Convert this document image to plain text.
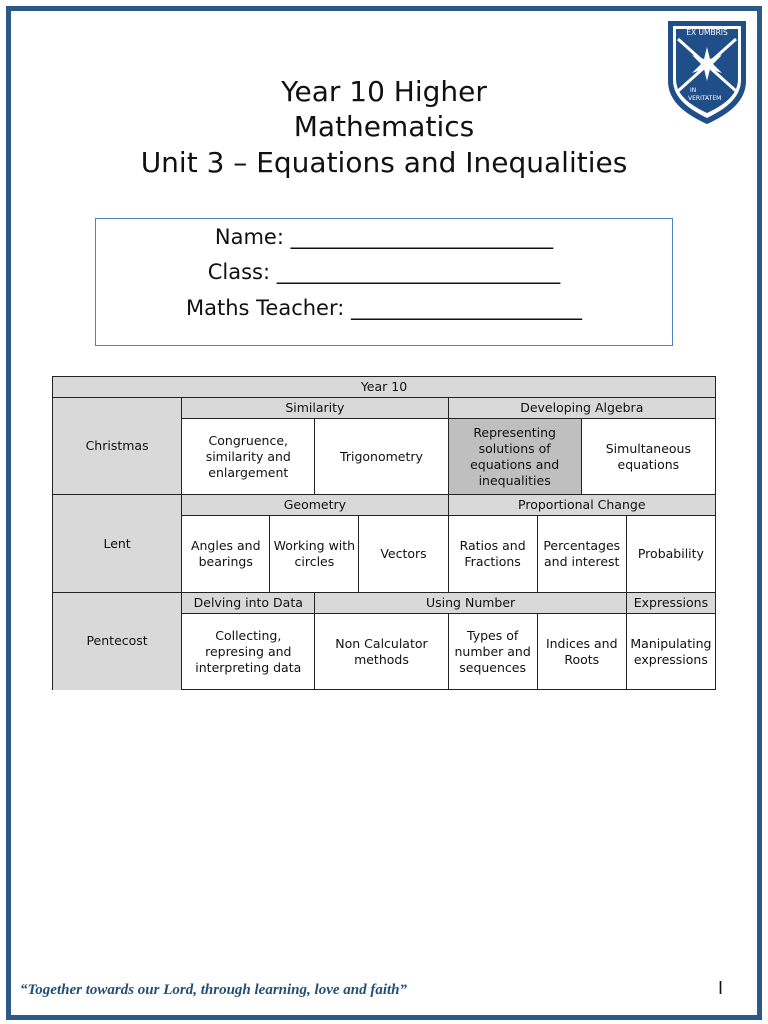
Year 10 Higher
Mathematics
Unit 3 – Equations and Inequalities
EX UMBRIS
IN
VERITATEM
Name: _________________________
Class: ___________________________
Maths Teacher: ______________________
Year 10								
Christmas	Similarity				Developing Algebra			
	Congruence, similarity and enlargement		Trigonometry		Representing solutions of equations and inequalities		Simultaneous equations	
Lent	Geometry				Proportional Change			
	Angles and bearings	Working with circles		Vectors	Ratios and Fractions	Percentages and interest		Probability
Pentecost	Delving into Data		Using Number					Expressions
	Collecting, represing and interpreting data		Non Calculator methods		Types of number and sequences	Indices and Roots		Manipulating expressions
“Together towards our Lord, through learning, love and faith”	I
